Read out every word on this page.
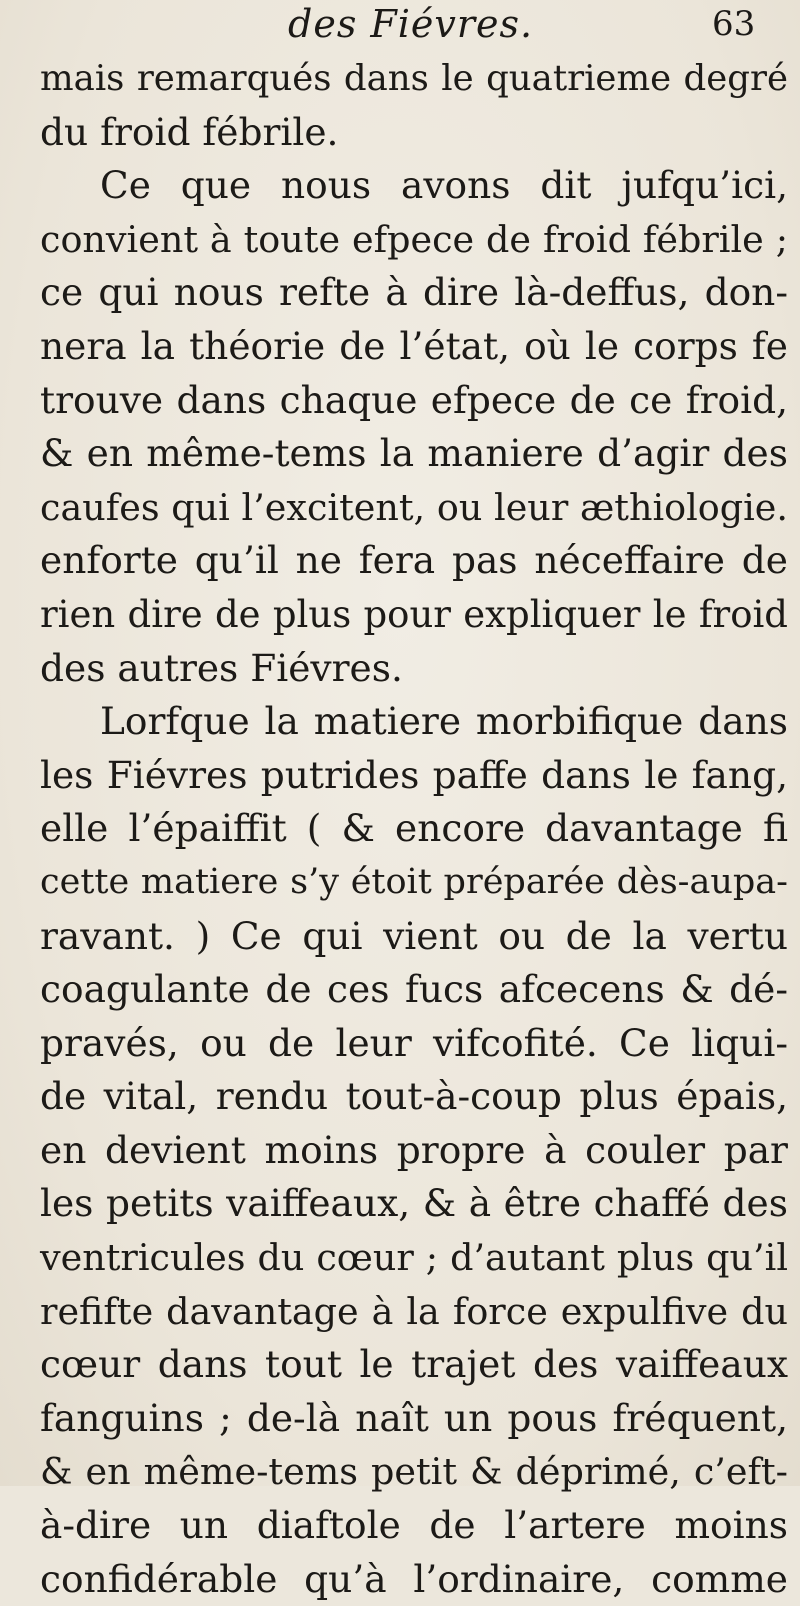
des Fiévres.	63
mais remarqués dans le quatrieme degré
du froid fébrile.
Ce que nous avons dit jufqu’ici,
convient à toute efpece de froid fébrile ;
ce qui nous refte à dire là-deffus, don-
nera la théorie de l’état, où le corps fe
trouve dans chaque efpece de ce froid,
& en même-tems la maniere d’agir des
caufes qui l’excitent, ou leur æthiologie.
enforte qu’il ne fera pas néceffaire de
rien dire de plus pour expliquer le froid
des autres Fiévres.
Lorfque la matiere morbifique dans
les Fiévres putrides paffe dans le fang,
elle l’épaiffit ( & encore davantage fi
cette matiere s’y étoit préparée dès-aupa-
ravant. ) Ce qui vient ou de la vertu
coagulante de ces fucs afcecens & dé-
pravés, ou de leur vifcofité. Ce liqui-
de vital, rendu tout-à-coup plus épais,
en devient moins propre à couler par
les petits vaiffeaux, & à être chaffé des
ventricules du cœur ; d’autant plus qu’il
refifte davantage à la force expulfive du
cœur dans tout le trajet des vaiffeaux
fanguins ; de-là naît un pous fréquent,
& en même-tems petit & déprimé, c’eft-
à-dire un diaftole de l’artere moins
confidérable qu’à l’ordinaire, comme
